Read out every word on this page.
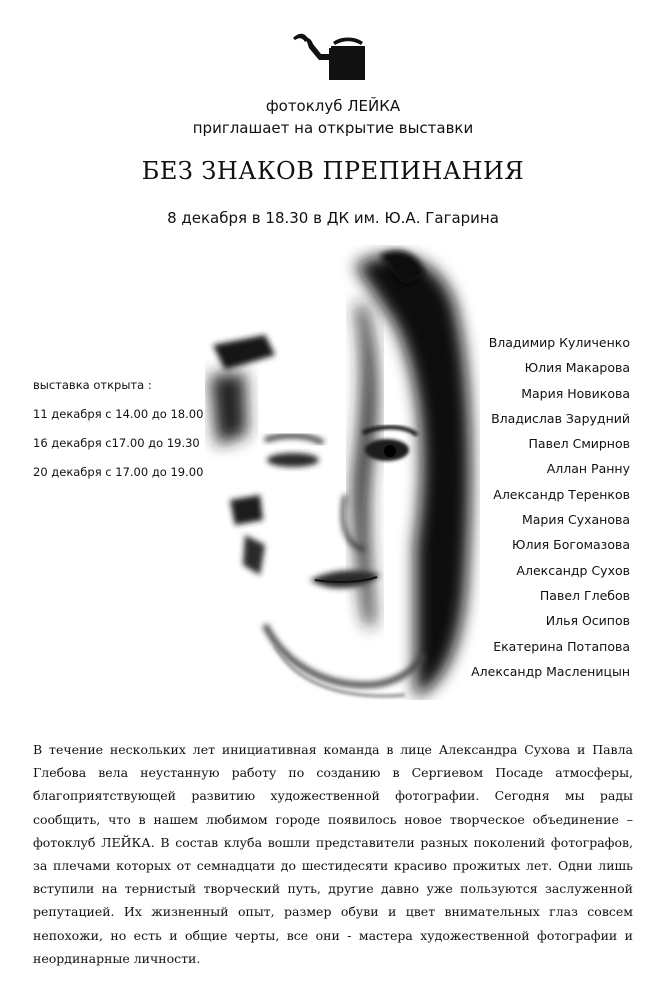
фотоклуб ЛЕЙКА
приглашает на открытие выставки
БЕЗ ЗНАКОВ ПРЕПИНАНИЯ
8 декабря в 18.30 в ДК им. Ю.А. Гагарина
выставка открыта :
11 декабря с 14.00 до 18.00
16 декабря с17.00 до 19.30
20 декабря с 17.00 до 19.00
Владимир Куличенко
Юлия Макарова
Мария Новикова
Владислав Зарудний
Павел Смирнов
Аллан Ранну
Александр Теренков
Мария Суханова
Юлия Богомазова
Александр Сухов
Павел Глебов
Илья Осипов
Екатерина Потапова
Александр Масленицын
В течение нескольких лет инициативная команда в лице Александра Сухова и Павла Глебова вела неустанную работу по созданию в Сергиевом Посаде атмосферы, благоприятствующей развитию художественной фотографии. Сегодня мы рады сообщить, что в нашем любимом городе появилось новое творческое объединение – фотоклуб ЛЕЙКА. В состав клуба вошли представители разных поколений фотографов, за плечами которых от семнадцати до шестидесяти красиво прожитых лет. Одни лишь вступили на тернистый творческий путь, другие давно уже пользуются заслуженной репутацией. Их жизненный опыт, размер обуви и цвет внимательных глаз совсем непохожи, но есть и общие черты, все они - мастера художественной фотографии и неординарные личности.
